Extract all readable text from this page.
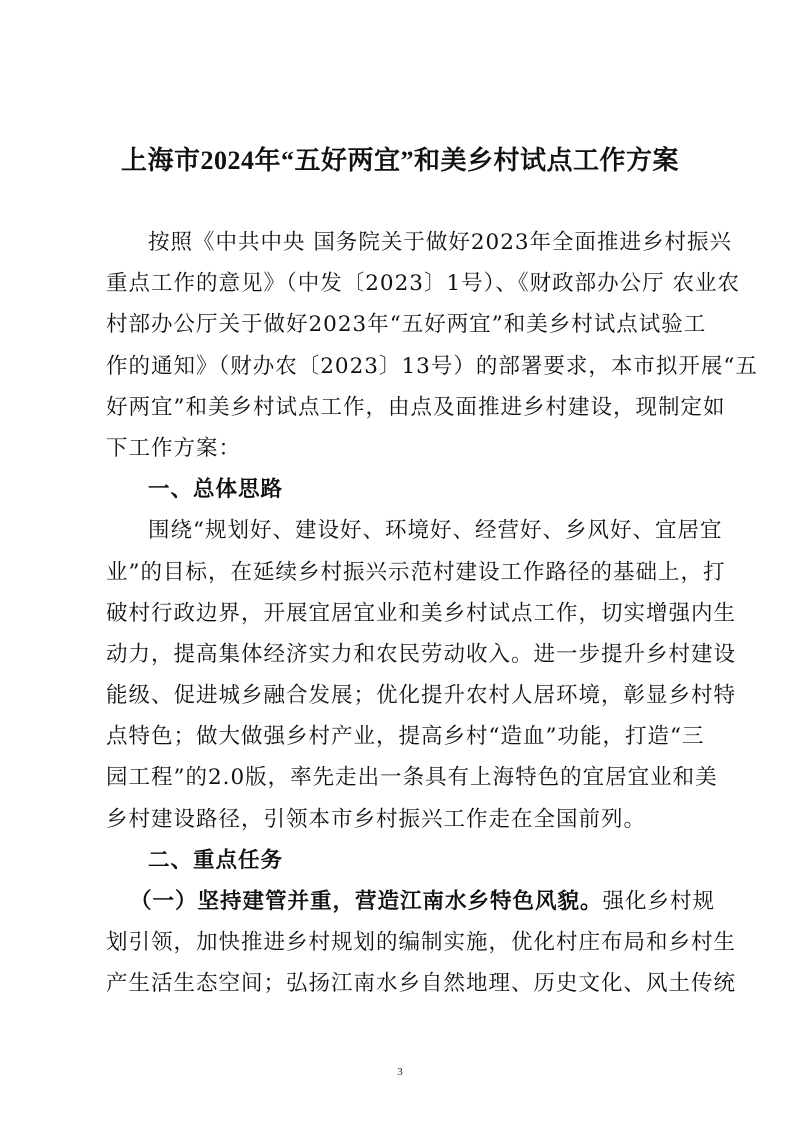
上海市2024年“五好两宜”和美乡村试点工作方案
按照《中共中央 国务院关于做好2023年全面推进乡村振兴
重点工作的意见》（中发〔2023〕1号）、《财政部办公厅 农业农
村部办公厅关于做好2023年“五好两宜”和美乡村试点试验工
作的通知》（财办农〔2023〕13号）的部署要求，本市拟开展“五
好两宜”和美乡村试点工作，由点及面推进乡村建设，现制定如
下工作方案：
一、总体思路
围绕“规划好、建设好、环境好、经营好、乡风好、宜居宜
业”的目标，在延续乡村振兴示范村建设工作路径的基础上，打
破村行政边界，开展宜居宜业和美乡村试点工作，切实增强内生
动力，提高集体经济实力和农民劳动收入。进一步提升乡村建设
能级、促进城乡融合发展；优化提升农村人居环境，彰显乡村特
点特色；做大做强乡村产业，提高乡村“造血”功能，打造“三
园工程”的2.0版，率先走出一条具有上海特色的宜居宜业和美
乡村建设路径，引领本市乡村振兴工作走在全国前列。
二、重点任务
（一）坚持建管并重，营造江南水乡特色风貌。强化乡村规
划引领，加快推进乡村规划的编制实施，优化村庄布局和乡村生
产生活生态空间；弘扬江南水乡自然地理、历史文化、风土传统
3
